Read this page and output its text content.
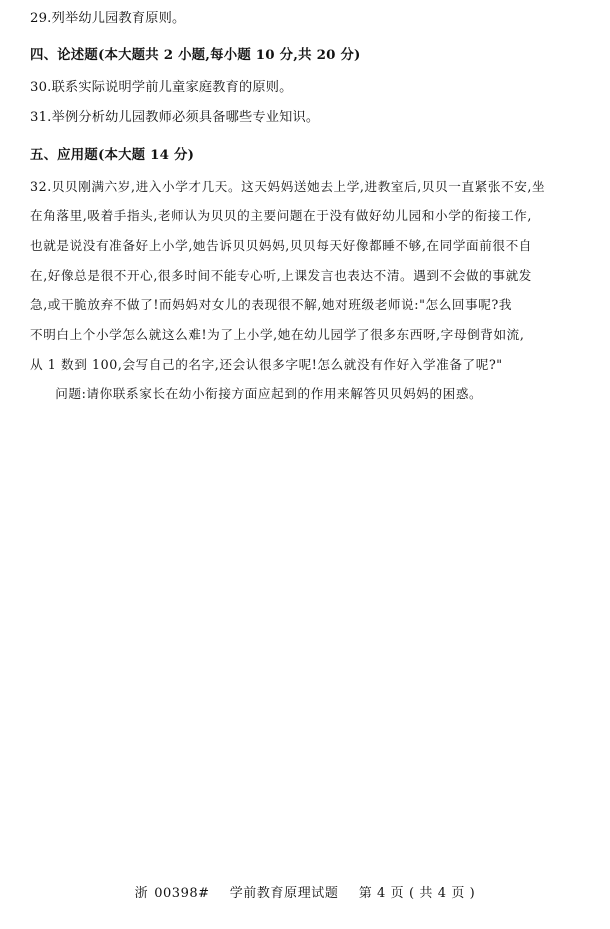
29.列举幼儿园教育原则。
四、论述题(本大题共 2 小题,每小题 10 分,共 20 分)
30.联系实际说明学前儿童家庭教育的原则。
31.举例分析幼儿园教师必须具备哪些专业知识。
五、应用题(本大题 14 分)

32.贝贝刚满六岁,进入小学才几天。这天妈妈送她去上学,进教室后,贝贝一直紧张不安,坐

在角落里,吸着手指头,老师认为贝贝的主要问题在于没有做好幼儿园和小学的衔接工作,

也就是说没有准备好上小学,她告诉贝贝妈妈,贝贝每天好像都睡不够,在同学面前很不自

在,好像总是很不开心,很多时间不能专心听,上课发言也表达不清。遇到不会做的事就发

急,或干脆放弃不做了!而妈妈对女儿的表现很不解,她对班级老师说:"怎么回事呢?我

不明白上个小学怎么就这么难!为了上小学,她在幼儿园学了很多东西呀,字母倒背如流,

从 1 数到 100,会写自己的名字,还会认很多字呢!怎么就没有作好入学准备了呢?"

问题:请你联系家长在幼小衔接方面应起到的作用来解答贝贝妈妈的困惑。
浙 00398# 学前教育原理试题 第 4 页 ( 共 4 页 )
